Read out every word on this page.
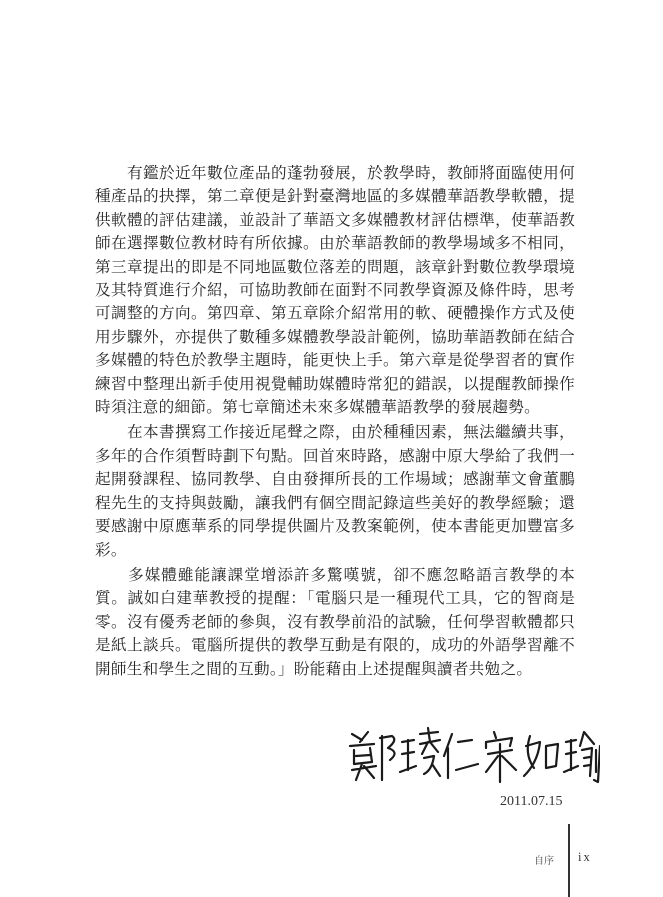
　　有鑑於近年數位產品的蓬勃發展，於教學時，教師將面臨使用何種產品的抉擇，第二章便是針對臺灣地區的多媒體華語教學軟體，提供軟體的評估建議，並設計了華語文多媒體教材評估標準，使華語教師在選擇數位教材時有所依據。由於華語教師的教學場域多不相同，第三章提出的即是不同地區數位落差的問題，該章針對數位教學環境及其特質進行介紹，可協助教師在面對不同教學資源及條件時，思考可調整的方向。第四章、第五章除介紹常用的軟、硬體操作方式及使用步驟外，亦提供了數種多媒體教學設計範例，協助華語教師在結合多媒體的特色於教學主題時，能更快上手。第六章是從學習者的實作練習中整理出新手使用視覺輔助媒體時常犯的錯誤，以提醒教師操作時須注意的細節。第七章簡述未來多媒體華語教學的發展趨勢。

　　在本書撰寫工作接近尾聲之際，由於種種因素，無法繼續共事，多年的合作須暫時劃下句點。回首來時路，感謝中原大學給了我們一起開發課程、協同教學、自由發揮所長的工作場域；感謝華文會董鵬程先生的支持與鼓勵，讓我們有個空間記錄這些美好的教學經驗；還要感謝中原應華系的同學提供圖片及教案範例，使本書能更加豐富多彩。

　　多媒體雖能讓課堂增添許多驚嘆號，卻不應忽略語言教學的本質。誠如白建華教授的提醒：「電腦只是一種現代工具，它的智商是零。沒有優秀老師的參與，沒有教學前沿的試驗，任何學習軟體都只是紙上談兵。電腦所提供的教學互動是有限的，成功的外語學習離不開師生和學生之間的互動。」盼能藉由上述提醒與讀者共勉之。

2011.07.15
自序 ix
